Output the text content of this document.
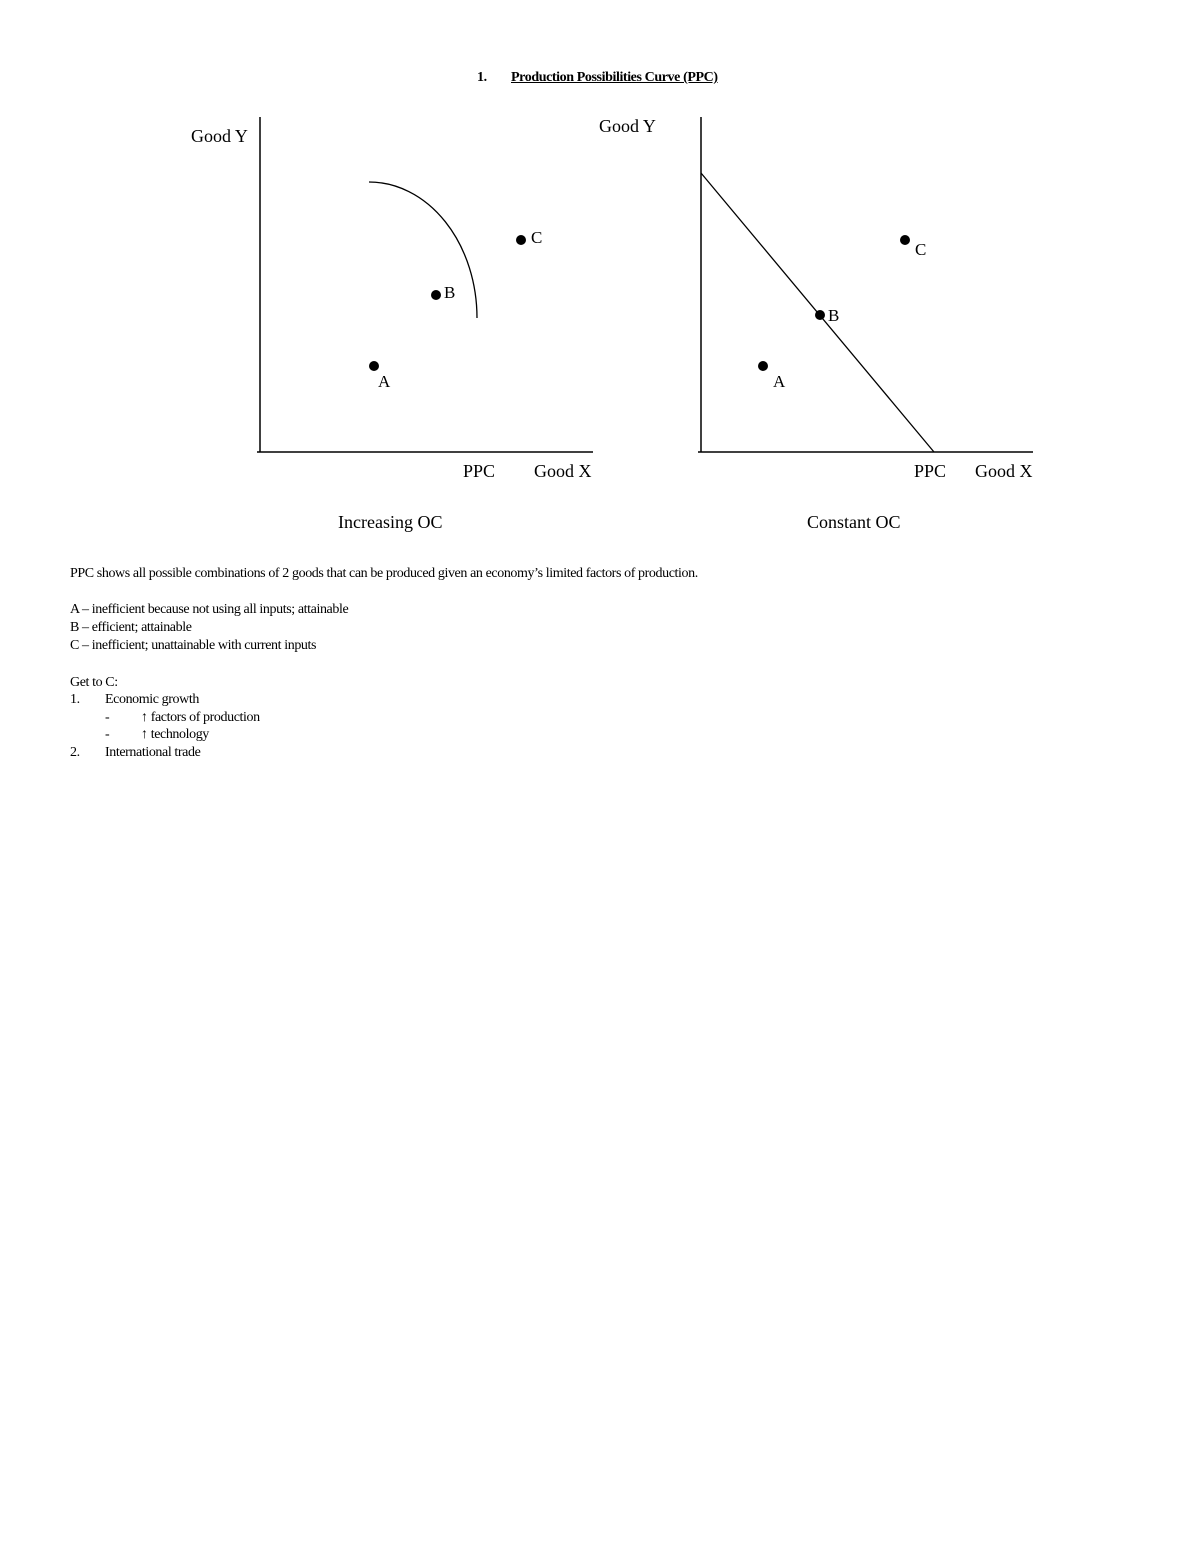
1. Production Possibilities Curve (PPC)
Good Y
Good X
PPC
Increasing OC
A
B
C
Good Y
Good X
PPC
Constant OC
A
B
C
PPC shows all possible combinations of 2 goods that can be produced given an economy’s limited factors of production.
A – inefficient because not using all inputs; attainable
B – efficient; attainable
C – inefficient; unattainable with current inputs
Get to C:
1. Economic growth
- ↑ factors of production
- ↑ technology
2. International trade
